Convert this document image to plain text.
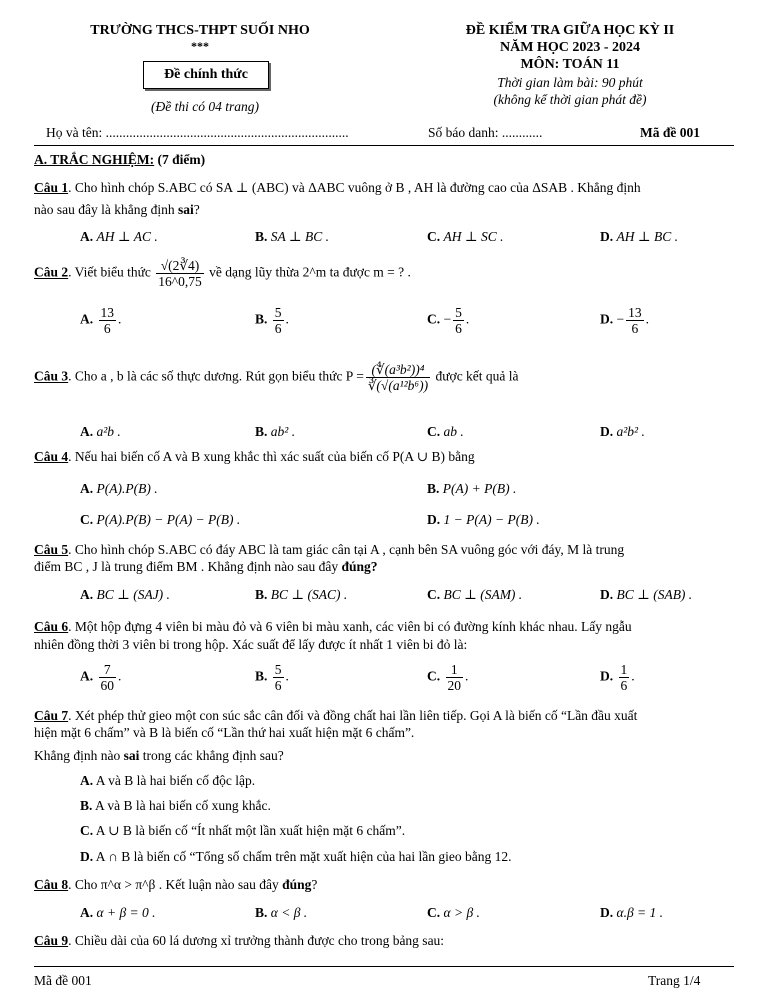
TRƯỜNG THCS-THPT SUỐI NHO
***
Đề chính thức
(Đề thi có 04 trang)
ĐỀ KIỂM TRA GIỮA HỌC KỲ II
NĂM HỌC 2023 - 2024
MÔN: TOÁN 11
Thời gian làm bài: 90 phút
(không kể thời gian phát đề)
Họ và tên: ........................................................................	Số báo danh: ............	Mã đề 001
A. TRẮC NGHIỆM: (7 điểm)
Câu 1. Cho hình chóp S.ABC có SA ⊥ (ABC) và ΔABC vuông ở B , AH là đường cao của ΔSAB . Khẳng định
nào sau đây là khẳng định sai?
A. AH ⊥ AC .	B. SA ⊥ BC .	C. AH ⊥ SC .	D. AH ⊥ BC .
Câu 2. Viết biểu thức $\frac{√(2∛4)}{16\^{}0,75}$ về dạng lũy thừa 2^m ta được m = ? .
A. $\frac{13}{6}$ .	B. $\frac{5}{6}$ .	C. − $\frac{5}{6}$ .	D. − $\frac{13}{6}$ .
Câu 3. Cho a , b là các số thực dương. Rút gọn biểu thức $P = \frac{\text{(∜(a³b²))⁴}}{\text{∛(√(a¹²b⁶))}}$ được kết quả là
A. a²b .	B. ab² .	C. ab .	D. a²b² .
Câu 4. Nếu hai biến cố A và B xung khắc thì xác suất của biến cố P(A ∪ B) bằng
A. P(A).P(B) .	B. P(A) + P(B) .
C. P(A).P(B) − P(A) − P(B) .	D. 1 − P(A) − P(B) .
Câu 5. Cho hình chóp S.ABC có đáy ABC là tam giác cân tại A , cạnh bên SA vuông góc với đáy, M là trung
điểm BC , J là trung điểm BM . Khẳng định nào sau đây đúng?
A. BC ⊥ (SAJ) .	B. BC ⊥ (SAC) .	C. BC ⊥ (SAM) .	D. BC ⊥ (SAB) .
Câu 6. Một hộp đựng 4 viên bi màu đỏ và 6 viên bi màu xanh, các viên bi có đường kính khác nhau. Lấy ngẫu
nhiên đồng thời 3 viên bi trong hộp. Xác suất để lấy được ít nhất 1 viên bi đỏ là:
A. $\frac{7}{60}$ .	B. $\frac{5}{6}$ .	C. $\frac{1}{20}$ .	D. $\frac{1}{6}$ .
Câu 7. Xét phép thử gieo một con súc sắc cân đối và đồng chất hai lần liên tiếp. Gọi A là biến cố “Lần đầu xuất
hiện mặt 6 chấm” và B là biến cố “Lần thứ hai xuất hiện mặt 6 chấm”.
Khẳng định nào sai trong các khẳng định sau?
A. A và B là hai biến cố độc lập.
B. A và B là hai biến cố xung khắc.
C. A ∪ B là biến cố “Ít nhất một lần xuất hiện mặt 6 chấm”.
D. A ∩ B là biến cố “Tổng số chấm trên mặt xuất hiện của hai lần gieo bằng 12.
Câu 8. Cho π^α > π^β . Kết luận nào sau đây đúng?
A. α + β = 0 .	B. α < β .	C. α > β .	D. α.β = 1 .
Câu 9. Chiều dài của 60 lá dương xỉ trưởng thành được cho trong bảng sau:
Mã đề 001	Trang 1/4
